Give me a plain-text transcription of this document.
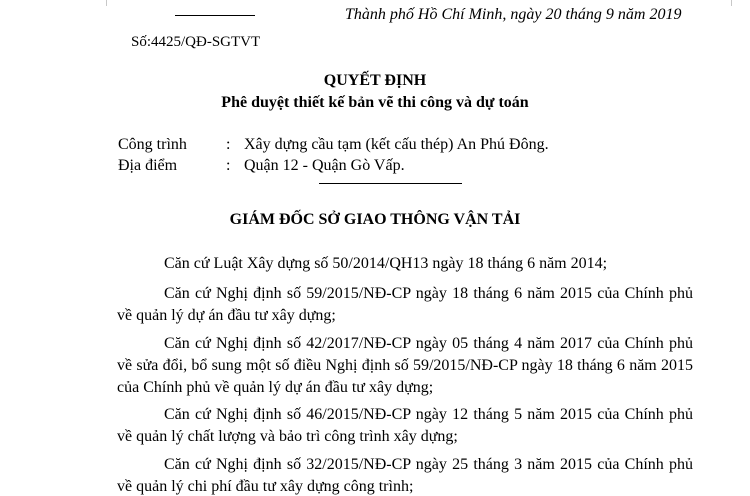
Thành phố Hồ Chí Minh, ngày 20 tháng 9 năm 2019
Số:4425/QĐ-SGTVT
QUYẾT ĐỊNH
Phê duyệt thiết kế bản vẽ thi công và dự toán
Công trình : Xây dựng cầu tạm (kết cấu thép) An Phú Đông.
Địa điểm	: Quận 12 - Quận Gò Vấp.
GIÁM ĐỐC SỞ GIAO THÔNG VẬN TẢI
Căn cứ Luật Xây dựng số 50/2014/QH13 ngày 18 tháng 6 năm 2014;
Căn cứ Nghị định số 59/2015/NĐ-CP ngày 18 tháng 6 năm 2015 của Chính phủ về quản lý dự án đầu tư xây dựng;
Căn cứ Nghị định số 42/2017/NĐ-CP ngày 05 tháng 4 năm 2017 của Chính phủ về sửa đổi, bổ sung một số điều Nghị định số 59/2015/NĐ-CP ngày 18 tháng 6 năm 2015 của Chính phủ về quản lý dự án đầu tư xây dựng;
Căn cứ Nghị định số 46/2015/NĐ-CP ngày 12 tháng 5 năm 2015 của Chính phủ về quản lý chất lượng và bảo trì công trình xây dựng;
Căn cứ Nghị định số 32/2015/NĐ-CP ngày 25 tháng 3 năm 2015 của Chính phủ về quản lý chi phí đầu tư xây dựng công trình;
